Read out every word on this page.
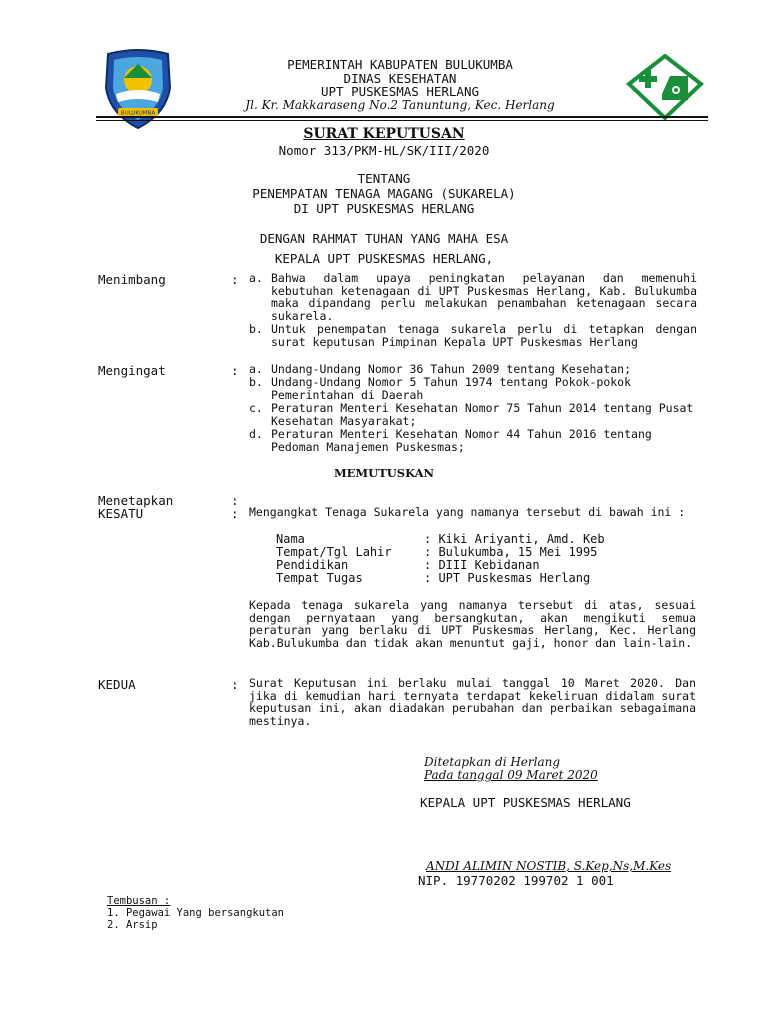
BULUKUMBA
PEMERINTAH KABUPATEN BULUKUMBA
DINAS KESEHATAN
UPT PUSKESMAS HERLANG
Jl. Kr. Makkaraseng No.2 Tanuntung, Kec. Herlang
SURAT KEPUTUSAN
Nomor 313/PKM-HL/SK/III/2020
TENTANG
PENEMPATAN TENAGA MAGANG (SUKARELA)
DI UPT PUSKESMAS HERLANG
DENGAN RAHMAT TUHAN YANG MAHA ESA
KEPALA UPT PUSKESMAS HERLANG,
Menimbang	: a. Bahwa dalam upaya peningkatan pelayanan dan memenuhi kebutuhan ketenagaan di UPT Puskesmas Herlang, Kab. Bulukumba maka dipandang perlu melakukan penambahan ketenagaan secara sukarela.
b. Untuk penempatan tenaga sukarela perlu di tetapkan dengan surat keputusan Pimpinan Kepala UPT Puskesmas Herlang
Mengingat	: a. Undang-Undang Nomor 36 Tahun 2009 tentang Kesehatan;
b. Undang-Undang Nomor 5 Tahun 1974 tentang Pokok-pokok Pemerintahan di Daerah
c. Peraturan Menteri Kesehatan Nomor 75 Tahun 2014 tentang Pusat Kesehatan Masyarakat;
d. Peraturan Menteri Kesehatan Nomor 44 Tahun 2016 tentang Pedoman Manajemen Puskesmas;
MEMUTUSKAN
Menetapkan	:
KESATU	: Mengangkat Tenaga Sukarela yang namanya tersebut di bawah ini :
Nama	: Kiki Ariyanti, Amd. Keb
Tempat/Tgl Lahir	: Bulukumba, 15 Mei 1995
Pendidikan	: DIII Kebidanan
Tempat Tugas	: UPT Puskesmas Herlang
Kepada tenaga sukarela yang namanya tersebut di atas, sesuai dengan pernyataan yang bersangkutan, akan mengikuti semua peraturan yang berlaku di UPT Puskesmas Herlang, Kec. Herlang Kab.Bulukumba dan tidak akan menuntut gaji, honor dan lain-lain.
KEDUA	: Surat Keputusan ini berlaku mulai tanggal 10 Maret 2020. Dan jika di kemudian hari ternyata terdapat kekeliruan didalam surat keputusan ini, akan diadakan perubahan dan perbaikan sebagaimana mestinya.
Ditetapkan di Herlang
Pada tanggal 09 Maret 2020
KEPALA UPT PUSKESMAS HERLANG
ANDI ALIMIN NOSTIB, S.Kep,Ns,M.Kes
NIP. 19770202 199702 1 001
Tembusan :
1. Pegawai Yang bersangkutan
2. Arsip
